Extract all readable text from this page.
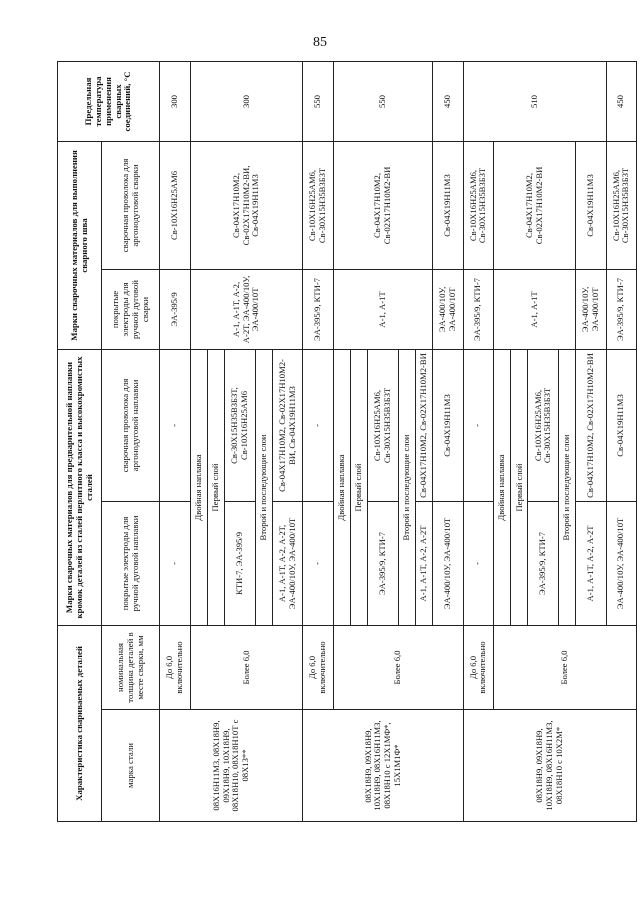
85
Характеристика свариваемых деталей		Марки сварочных материалов для предварительной наплавки кромок деталей из сталей перлитного класса и высокохромистых сталей		Марки сварочных материалов для выполнения сварного шва		Предельная температура применения сварных соединений, °С
марка стали	номинальная толщина деталей в месте сварки, мм	покрытые электроды для ручной дуговой наплавки	сварочная проволока для аргонодуговой наплавки	покрытые электроды для ручной дуговой сварки	сварочная проволока для аргонодуговой сварки	
08Х16Н11М3, 08Х18Н9, 09Х18Н9, 10Х18Н9, 08Х18Н10, 08Х18Н10Т с 08Х13**	До 6,0 включительно	-	-	ЭА-395/9	Св-10Х16Н25АМ6	300
	Более 6,0	Двойная наплавка		А-1, А-1Т, А-2, А-2Т, ЭА-400/10У, ЭА-400/10Т	Св-04Х17Н10М2, Св-02Х17Н10М2-ВИ, Св-04Х19Н11М3	300
		Первый слой				
		КТИ-7, ЭА-395/9	Св-30Х15Н35В3Б3Т, Св-10Х16Н25АМ6			
		Второй и последующие слои				
		А-1, А-1Т, А-2, А-2Т, ЭА-400/10У, ЭА-400/10Т	Св-04Х17Н10М2, Св-02Х17Н10М2-ВИ, Св-04Х19Н11М3			
08Х18Н9, 09Х18Н9, 10Х18Н9, 08Х16Н11М3, 08Х18Н10 с 12Х1МФ*, 15Х1М1Ф*	До 6,0 включительно	-	-	ЭА-395/9, КТИ-7	Св-10Х16Н25АМ6, Св-30Х15Н35В3Б3Т	550
	Более 6,0	Двойная наплавка		А-1, А-1Т	Св-04Х17Н10М2, Св-02Х17Н10М2-ВИ	550
		Первый слой				
		ЭА-395/9, КТИ-7	Св-10Х16Н25АМ6, Св-30Х15Н35В3Б3Т			
		Второй и последующие слои				
		А-1, А-1Т, А-2, А-2Т	Св-04Х17Н10М2, Св-02Х17Н10М2-ВИ			
		ЭА-400/10У, ЭА-400/10Т	Св-04Х19Н11М3	ЭА-400/10У, ЭА-400/10Т	Св-04Х19Н11М3	450
08Х18Н9, 09Х18Н9, 10Х18Н9, 08Х16Н11М3, 08Х18Н10 с 10Х2М*	До 6,0 включительно	-	-	ЭА-395/9, КТИ-7	Св-10Х16Н25АМ6, Св-30Х15Н35В3Б3Т	510
	Более 6,0	Двойная наплавка		А-1, А-1Т	Св-04Х17Н10М2, Св-02Х17Н10М2-ВИ	
		Первый слой				
		ЭА-395/9, КТИ-7	Св-10Х16Н25АМ6, Св-30Х15Н35В3Б3Т			
		Второй и последующие слои				
		А-1, А-1Т, А-2, А-2Т	Св-04Х17Н10М2, Св-02Х17Н10М2-ВИ	ЭА-400/10У, ЭА-400/10Т	Св-04Х19Н11М3	
		ЭА-400/10У, ЭА-400/10Т	Св-04Х19Н11М3	ЭА-395/9, КТИ-7	Св-10Х16Н25АМ6, Св-30Х15Н35В3Б3Т	450
